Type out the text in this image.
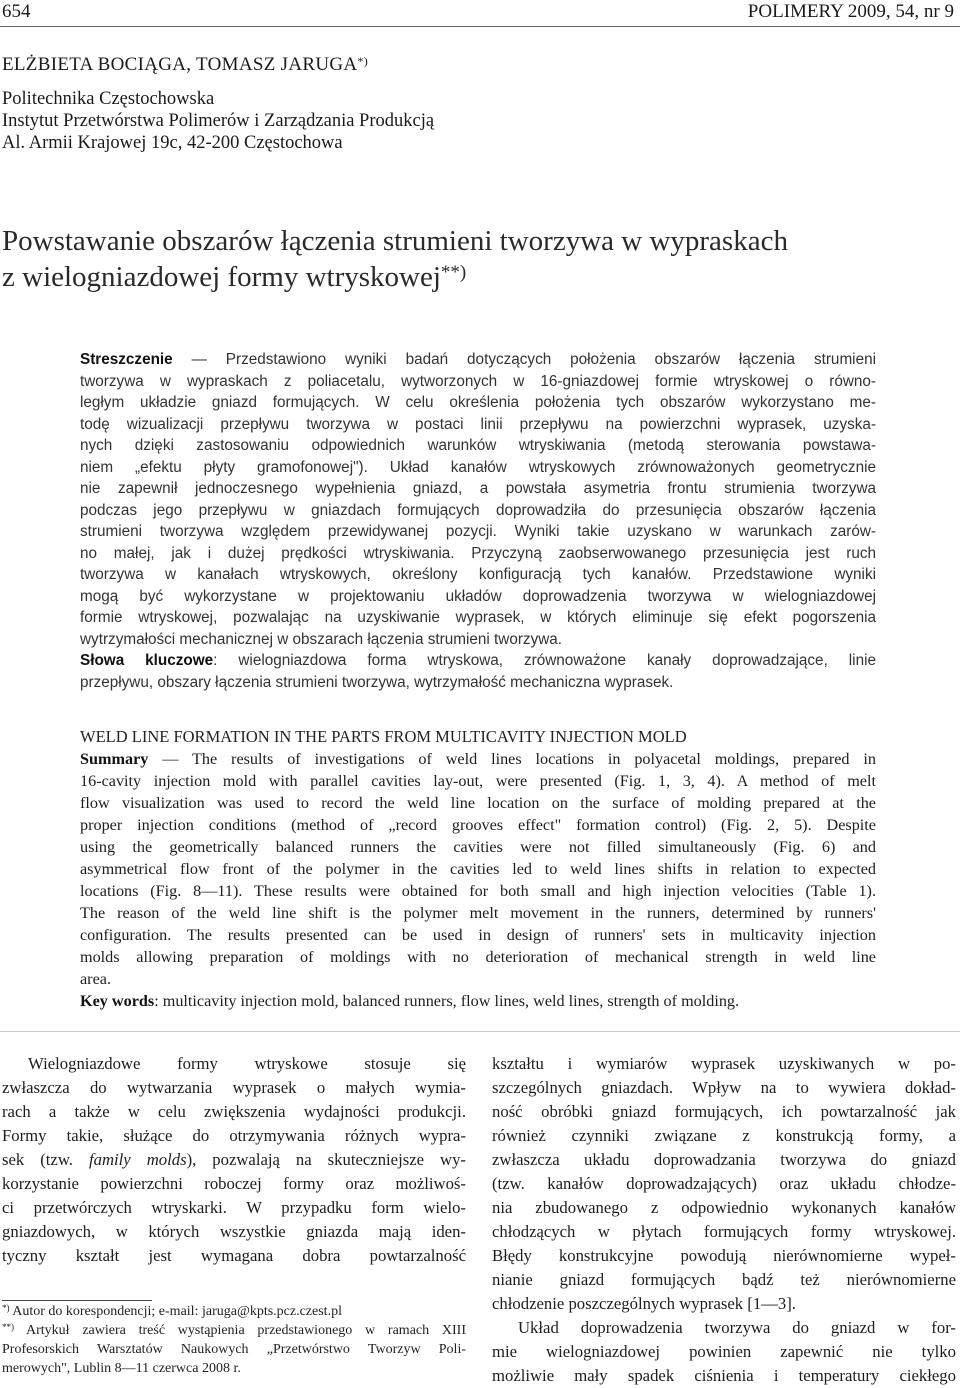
654	POLIMERY 2009, 54, nr 9
ELŻBIETA BOCIĄGA, TOMASZ JARUGA*)
Politechnika Częstochowska
Instytut Przetwórstwa Polimerów i Zarządzania Produkcją
Al. Armii Krajowej 19c, 42-200 Częstochowa
Powstawanie obszarów łączenia strumieni tworzywa w wypraskach
z wielogniazdowej formy wtryskowej**)
Streszczenie — Przedstawiono wyniki badań dotyczących położenia obszarów łączenia strumieni
tworzywa w wypraskach z poliacetalu, wytworzonych w 16-gniazdowej formie wtryskowej o równo-
ległym układzie gniazd formujących. W celu określenia położenia tych obszarów wykorzystano me-
todę wizualizacji przepływu tworzywa w postaci linii przepływu na powierzchni wyprasek, uzyska-
nych dzięki zastosowaniu odpowiednich warunków wtryskiwania (metodą sterowania powstawa-
niem „efektu płyty gramofonowej"). Układ kanałów wtryskowych zrównoważonych geometrycznie
nie zapewnił jednoczesnego wypełnienia gniazd, a powstała asymetria frontu strumienia tworzywa
podczas jego przepływu w gniazdach formujących doprowadziła do przesunięcia obszarów łączenia
strumieni tworzywa względem przewidywanej pozycji. Wyniki takie uzyskano w warunkach zarów-
no małej, jak i dużej prędkości wtryskiwania. Przyczyną zaobserwowanego przesunięcia jest ruch
tworzywa w kanałach wtryskowych, określony konfiguracją tych kanałów. Przedstawione wyniki
mogą być wykorzystane w projektowaniu układów doprowadzenia tworzywa w wielogniazdowej
formie wtryskowej, pozwalając na uzyskiwanie wyprasek, w których eliminuje się efekt pogorszenia
wytrzymałości mechanicznej w obszarach łączenia strumieni tworzywa.
Słowa kluczowe: wielogniazdowa forma wtryskowa, zrównoważone kanały doprowadzające, linie
przepływu, obszary łączenia strumieni tworzywa, wytrzymałość mechaniczna wyprasek.
WELD LINE FORMATION IN THE PARTS FROM MULTICAVITY INJECTION MOLD
Summary — The results of investigations of weld lines locations in polyacetal moldings, prepared in
16-cavity injection mold with parallel cavities lay-out, were presented (Fig. 1, 3, 4). A method of melt
flow visualization was used to record the weld line location on the surface of molding prepared at the
proper injection conditions (method of „record grooves effect" formation control) (Fig. 2, 5). Despite
using the geometrically balanced runners the cavities were not filled simultaneously (Fig. 6) and
asymmetrical flow front of the polymer in the cavities led to weld lines shifts in relation to expected
locations (Fig. 8—11). These results were obtained for both small and high injection velocities (Table 1).
The reason of the weld line shift is the polymer melt movement in the runners, determined by runners'
configuration. The results presented can be used in design of runners' sets in multicavity injection
molds allowing preparation of moldings with no deterioration of mechanical strength in weld line
area.
Key words: multicavity injection mold, balanced runners, flow lines, weld lines, strength of molding.
Wielogniazdowe formy wtryskowe stosuje się
zwłaszcza do wytwarzania wyprasek o małych wymia-
rach a także w celu zwiększenia wydajności produkcji.
Formy takie, służące do otrzymywania różnych wypra-
sek (tzw. family molds), pozwalają na skuteczniejsze wy-
korzystanie powierzchni roboczej formy oraz możliwoś-
ci przetwórczych wtryskarki. W przypadku form wielo-
gniazdowych, w których wszystkie gniazda mają iden-
tyczny kształt jest wymagana dobra powtarzalność
*) Autor do korespondencji; e-mail: jaruga@kpts.pcz.czest.pl
**) Artykuł zawiera treść wystąpienia przedstawionego w ramach XIII
Profesorskich Warsztatów Naukowych „Przetwórstwo Tworzyw Poli-
merowych", Lublin 8—11 czerwca 2008 r.
kształtu i wymiarów wyprasek uzyskiwanych w po-
szczególnych gniazdach. Wpływ na to wywiera dokład-
ność obróbki gniazd formujących, ich powtarzalność jak
również czynniki związane z konstrukcją formy, a
zwłaszcza układu doprowadzania tworzywa do gniazd
(tzw. kanałów doprowadzających) oraz układu chłodze-
nia zbudowanego z odpowiednio wykonanych kanałów
chłodzących w płytach formujących formy wtryskowej.
Błędy konstrukcyjne powodują nierównomierne wypeł-
nianie gniazd formujących bądź też nierównomierne
chłodzenie poszczególnych wyprasek [1—3].
Układ doprowadzenia tworzywa do gniazd w for-
mie wielogniazdowej powinien zapewnić nie tylko
możliwie mały spadek ciśnienia i temperatury ciekłego
